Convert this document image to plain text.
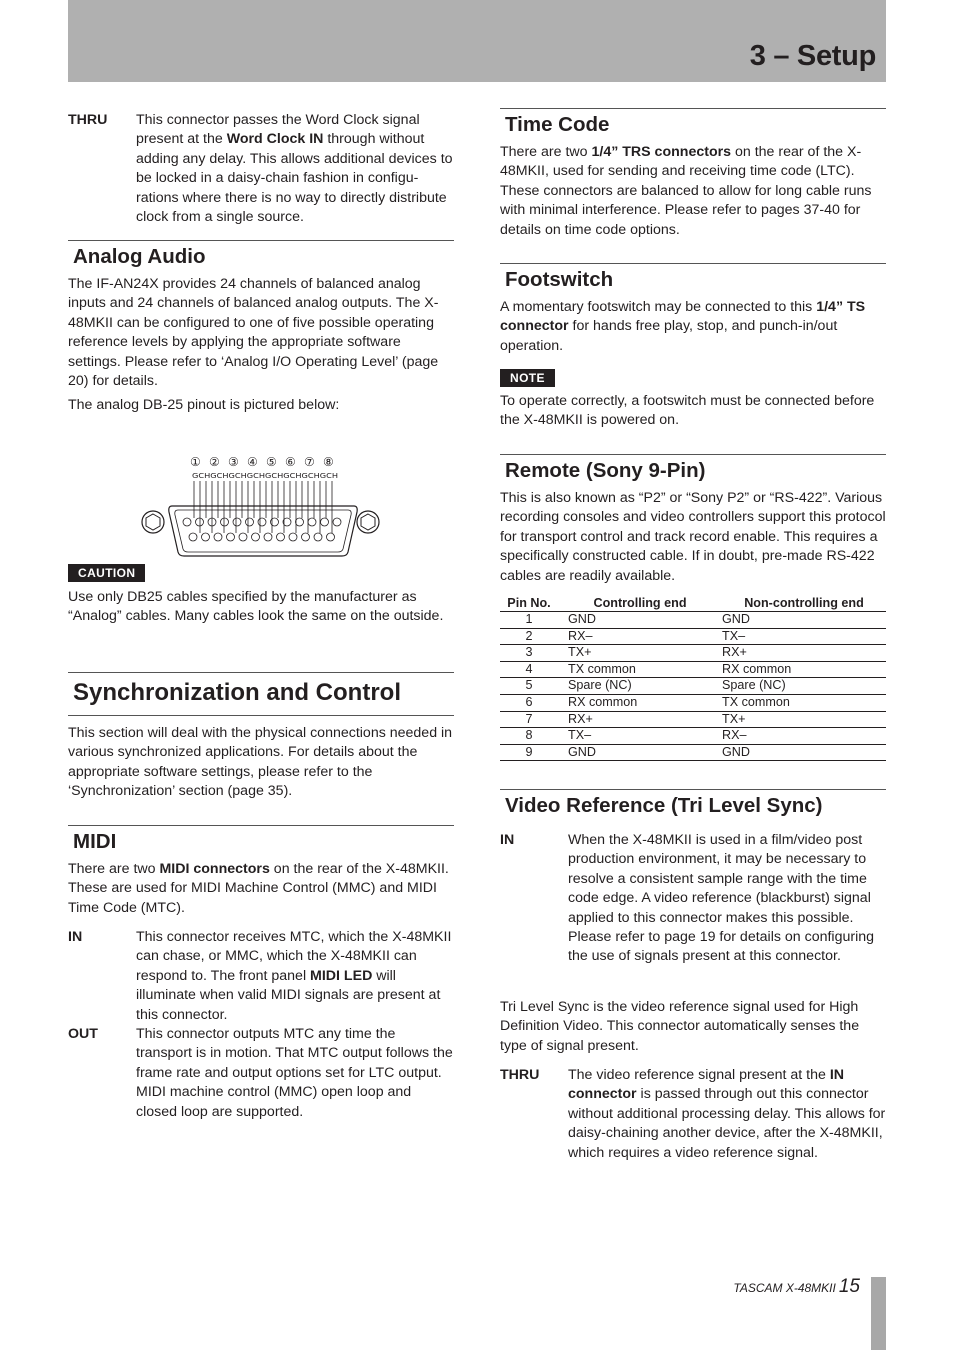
3 – Setup
THRU	This connector passes the Word Clock signal present at the Word Clock IN through without adding any delay. This allows additional devices to be locked in a daisy-chain fashion in configurations where there is no way to directly distribute clock from a single source.
Analog Audio

The IF-AN24X provides 24 channels of balanced analog inputs and 24 channels of balanced analog outputs. The X-48MKII can be configured to one of five possible operating reference levels by applying the appropriate software settings. Please refer to ‘Analog I/O Operating Level’ (page 20) for details.

The analog DB-25 pinout is pictured below:

① ② ③ ④ ⑤ ⑥ ⑦ ⑧
GCHGCHGCHGCHGCHGCHGCHGCH
CAUTION

Use only DB25 cables specified by the manufacturer as “Analog” cables. Many cables look the same on the outside.

Synchronization and Control

This section will deal with the physical connections needed in various synchronized applications. For details about the appropriate software settings, please refer to the ‘Synchronization’ section (page 35).

MIDI

There are two MIDI connectors on the rear of the X-48MKII. These are used for MIDI Machine Control (MMC) and MIDI Time Code (MTC).

IN	This connector receives MTC, which the X-48MKII can chase, or MMC, which the X-48MKII can respond to. The front panel MIDI LED will illuminate when valid MIDI signals are present at this connector.
OUT	This connector outputs MTC any time the transport is in motion. That MTC output follows the frame rate and output options set for LTC output. MIDI machine control (MMC) open loop and closed loop are supported.
Time Code

There are two 1/4” TRS connectors on the rear of the X-48MKII, used for sending and receiving time code (LTC). These connectors are balanced to allow for long cable runs with minimal interference. Please refer to pages 37-40 for details on time code options.

Footswitch

A momentary footswitch may be connected to this 1/4” TS connector for hands free play, stop, and punch-in/out operation.

NOTE

To operate correctly, a footswitch must be connected before the X-48MKII is powered on.

Remote (Sony 9-Pin)

This is also known as “P2” or “Sony P2” or “RS-422”. Various recording consoles and video controllers support this protocol for transport control and track record enable. This requires a specifically constructed cable. If in doubt, pre-made RS-422 cables are readily available.

Pin No.	Controlling end	Non-controlling end
1	GND	GND
2	RX–	TX–
3	TX+	RX+
4	TX common	RX common
5	Spare (NC)	Spare (NC)
6	RX common	TX common
7	RX+	TX+
8	TX–	RX–
9	GND	GND
Video Reference (Tri Level Sync)
IN	When the X-48MKII is used in a film/video post production environment, it may be necessary to resolve a consistent sample range with the time code edge. A video reference (blackburst) signal applied to this connector makes this possible. Please refer to page 19 for details on configuring the use of signals present at this connector.

Tri Level Sync is the video reference signal used for High Definition Video. This connector automatically senses the type of signal present.

THRU	The video reference signal present at the IN connector is passed through out this connector without additional processing delay. This allows for daisy-chaining another device, after the X-48MKII, which requires a video reference signal.
TASCAM X-48MKII 15
